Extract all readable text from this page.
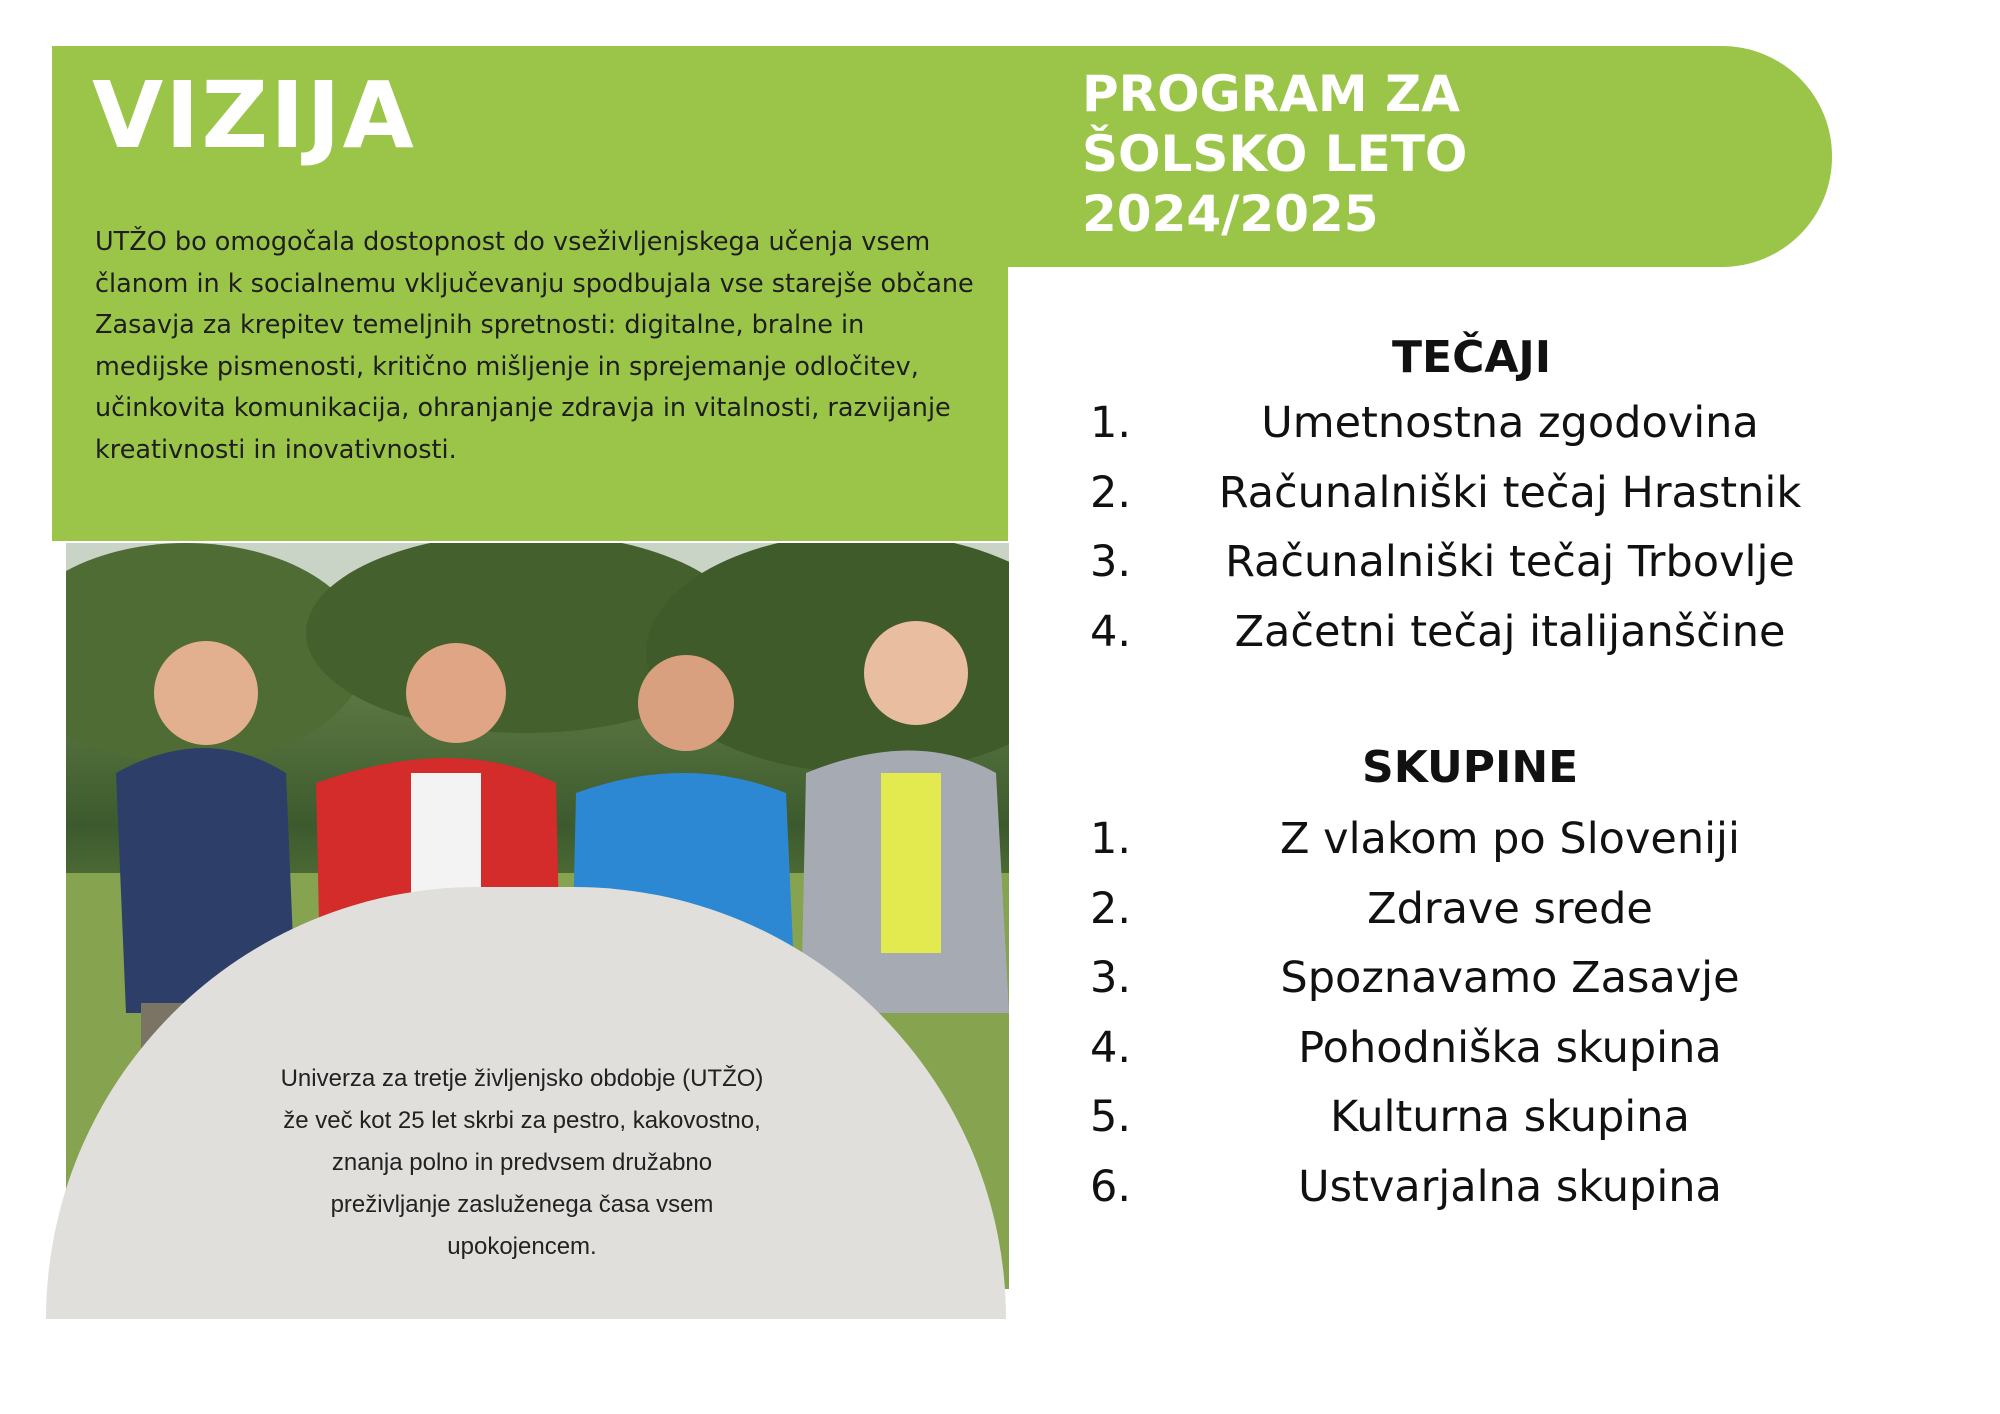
VIZIJA

UTŽO bo omogočala dostopnost do vseživljenjskega učenja vsem članom in k socialnemu vključevanju spodbujala vse starejše občane Zasavja za krepitev temeljnih spretnosti: digitalne, bralne in medijske pismenosti, kritično mišljenje in sprejemanje odločitev, učinkovita komunikacija, ohranjanje zdravja in vitalnosti, razvijanje kreativnosti in inovativnosti.

PROGRAM ZA
ŠOLSKO LETO
2024/2025
Univerza za tretje življenjsko obdobje (UTŽO)
že več kot 25 let skrbi za pestro, kakovostno,
znanja polno in predvsem družabno
preživljanje zasluženega časa vsem
upokojencem.
TEČAJI
1.	Umetnostna zgodovina
2.	Računalniški tečaj Hrastnik
3.	Računalniški tečaj Trbovlje
4.	Začetni tečaj italijanščine
SKUPINE
1.	Z vlakom po Sloveniji
2.	Zdrave srede
3.	Spoznavamo Zasavje
4.	Pohodniška skupina
5.	Kulturna skupina
6.	Ustvarjalna skupina
